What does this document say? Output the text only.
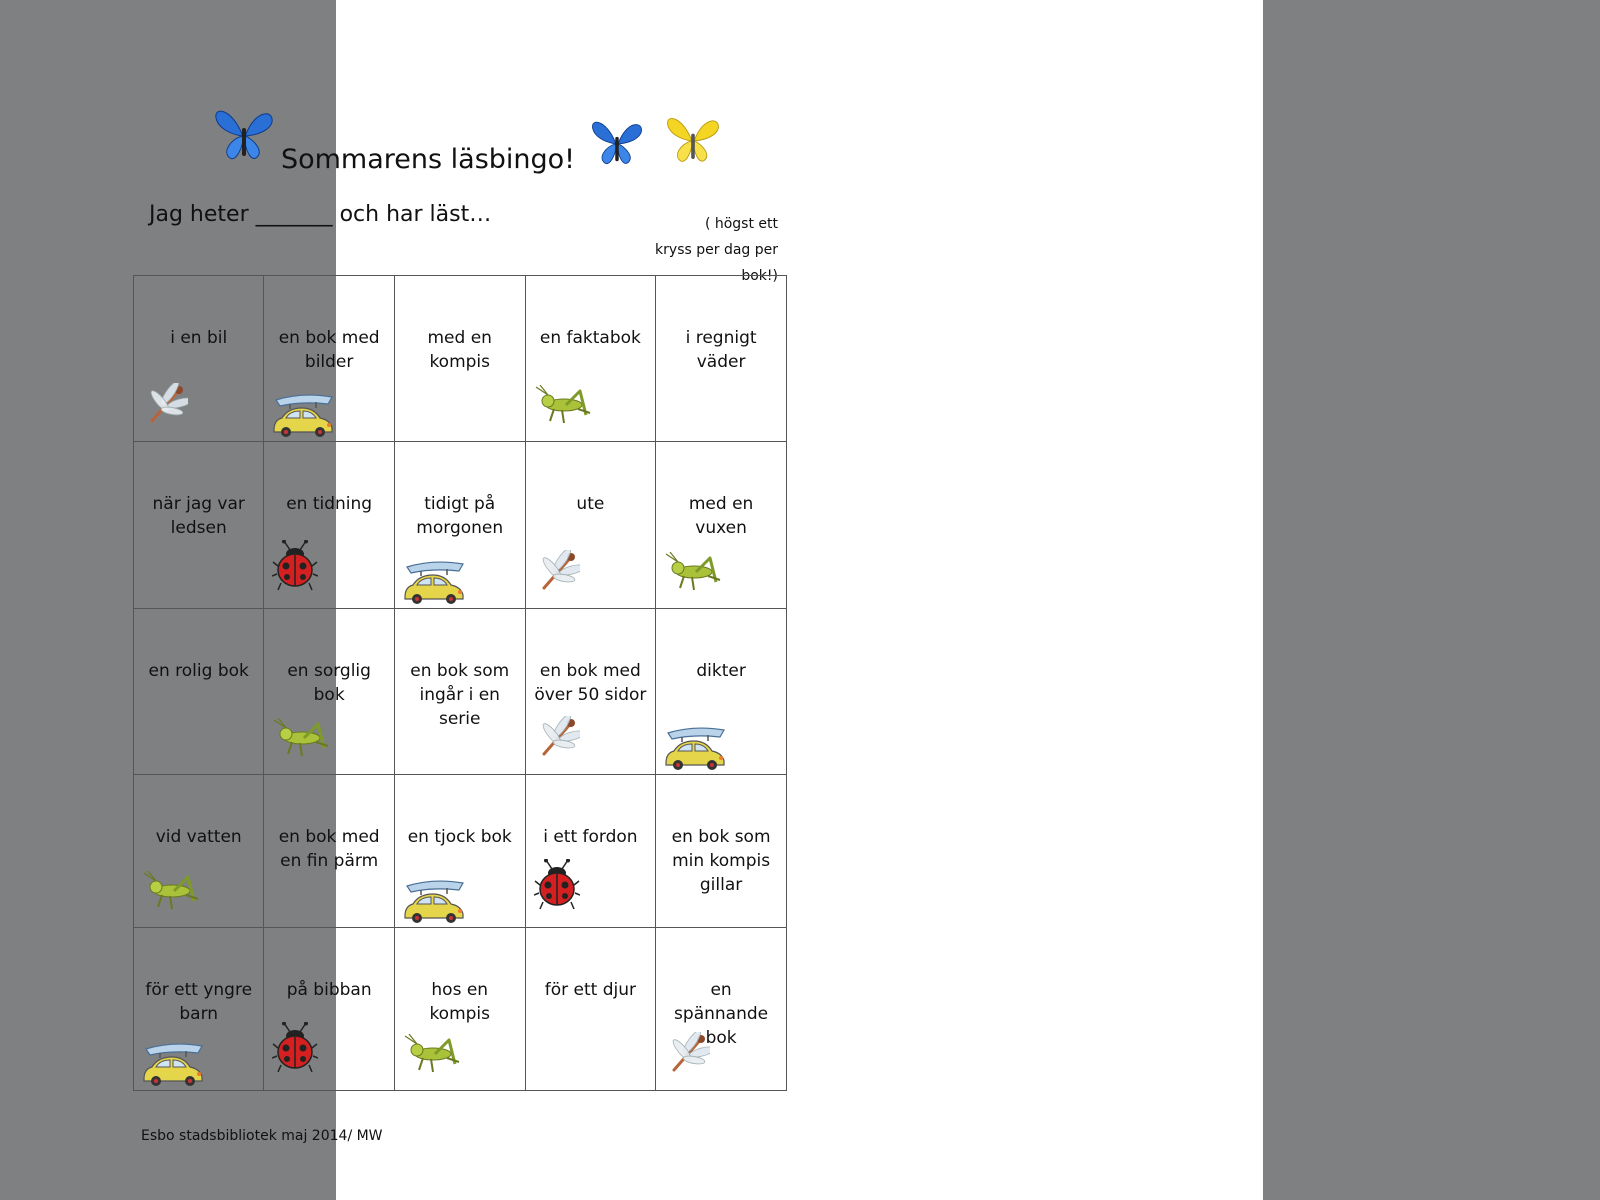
Sommarens läsbingo!
Jag heter _______ och har läst…	( högst ett
kryss per dag per bok!)
i en bil	en bok med bilder	med en kompis	en faktabok	i regnigt väder

när jag var ledsen	en tidning	tidigt på morgonen	ute	med en vuxen

en rolig bok	en sorglig bok	en bok som ingår i en serie	en bok med över 50 sidor	dikter

vid vatten	en bok med en fin pärm	en tjock bok	i ett fordon	en bok som min kompis gillar

för ett yngre barn	på bibban	hos en kompis	för ett djur	en spännande bok
Esbo stadsbibliotek maj 2014/ MW
